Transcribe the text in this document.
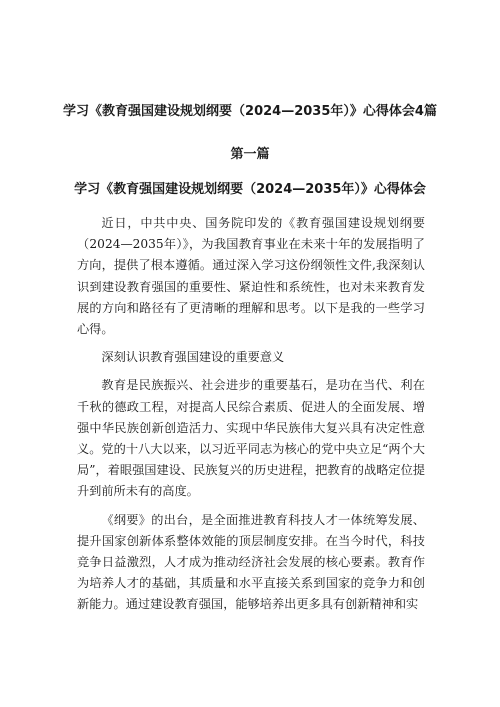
学习《教育强国建设规划纲要（2024—2035年）》心得体会4篇
第一篇
学习《教育强国建设规划纲要（2024—2035年）》心得体会

近日，中共中央、国务院印发的《教育强国建设规划纲要（2024—2035年）》，为我国教育事业在未来十年的发展指明了方向，提供了根本遵循。通过深入学习这份纲领性文件,我深刻认识到建设教育强国的重要性、紧迫性和系统性，也对未来教育发展的方向和路径有了更清晰的理解和思考。以下是我的一些学习心得。

深刻认识教育强国建设的重要意义

教育是民族振兴、社会进步的重要基石，是功在当代、利在千秋的德政工程，对提高人民综合素质、促进人的全面发展、增强中华民族创新创造活力、实现中华民族伟大复兴具有决定性意义。党的十八大以来，以习近平同志为核心的党中央立足“两个大局”，着眼强国建设、民族复兴的历史进程，把教育的战略定位提升到前所未有的高度。

《纲要》的出台，是全面推进教育科技人才一体统筹发展、提升国家创新体系整体效能的顶层制度安排。在当今时代，科技竞争日益激烈，人才成为推动经济社会发展的核心要素。教育作为培养人才的基础，其质量和水平直接关系到国家的竞争力和创新能力。通过建设教育强国，能够培养出更多具有创新精神和实
